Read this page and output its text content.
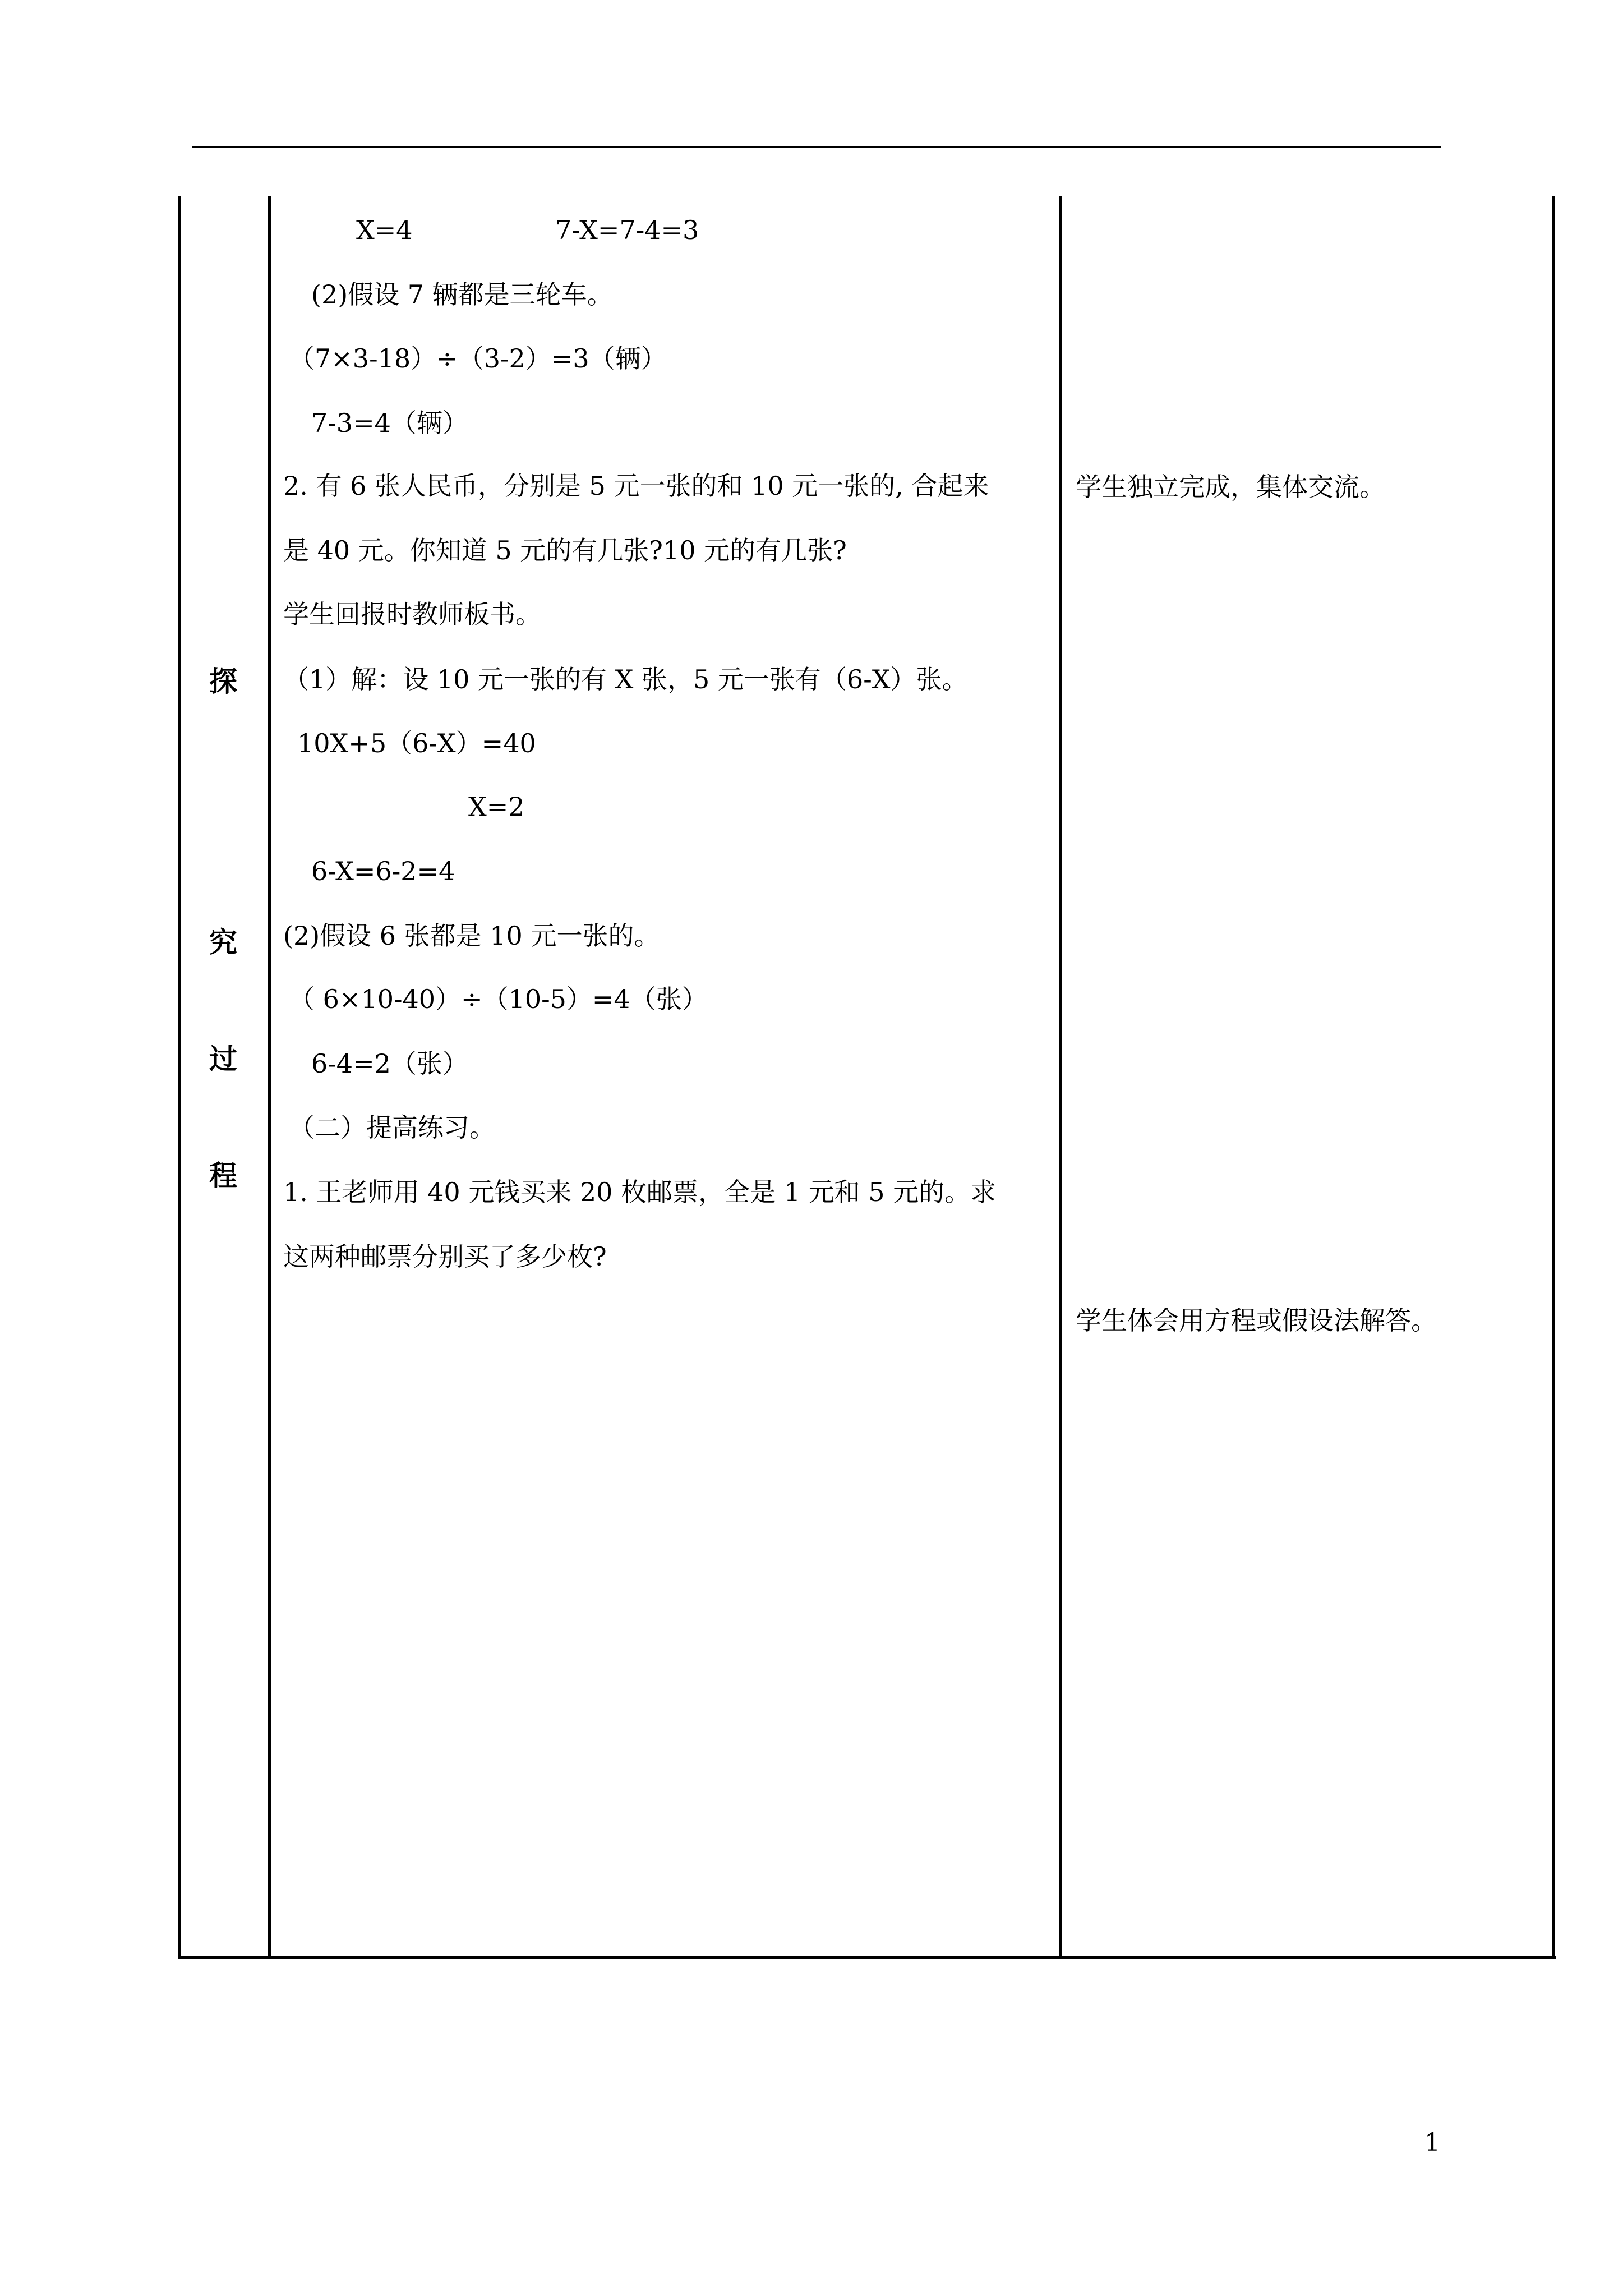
探
究
过
程
X=4	7-X=7-4=3
(2)假设 7 辆都是三轮车。
（7×3-18）÷（3-2）=3（辆）
7-3=4（辆）
2. 有 6 张人民币，分别是 5 元一张的和 10 元一张的, 合起来
是 40 元。你知道 5 元的有几张?10 元的有几张?
学生回报时教师板书。
（1）解：设 10 元一张的有 X 张，5 元一张有（6-X）张。
10X+5（6-X）=40
X=2
6-X=6-2=4
(2)假设 6 张都是 10 元一张的。
（ 6×10-40）÷（10-5）=4（张）
6-4=2（张）
（二）提高练习。
1. 王老师用 40 元钱买来 20 枚邮票，全是 1 元和 5 元的。求
这两种邮票分别买了多少枚?
学生独立完成，集体交流。
学生体会用方程或假设法解答。
1
